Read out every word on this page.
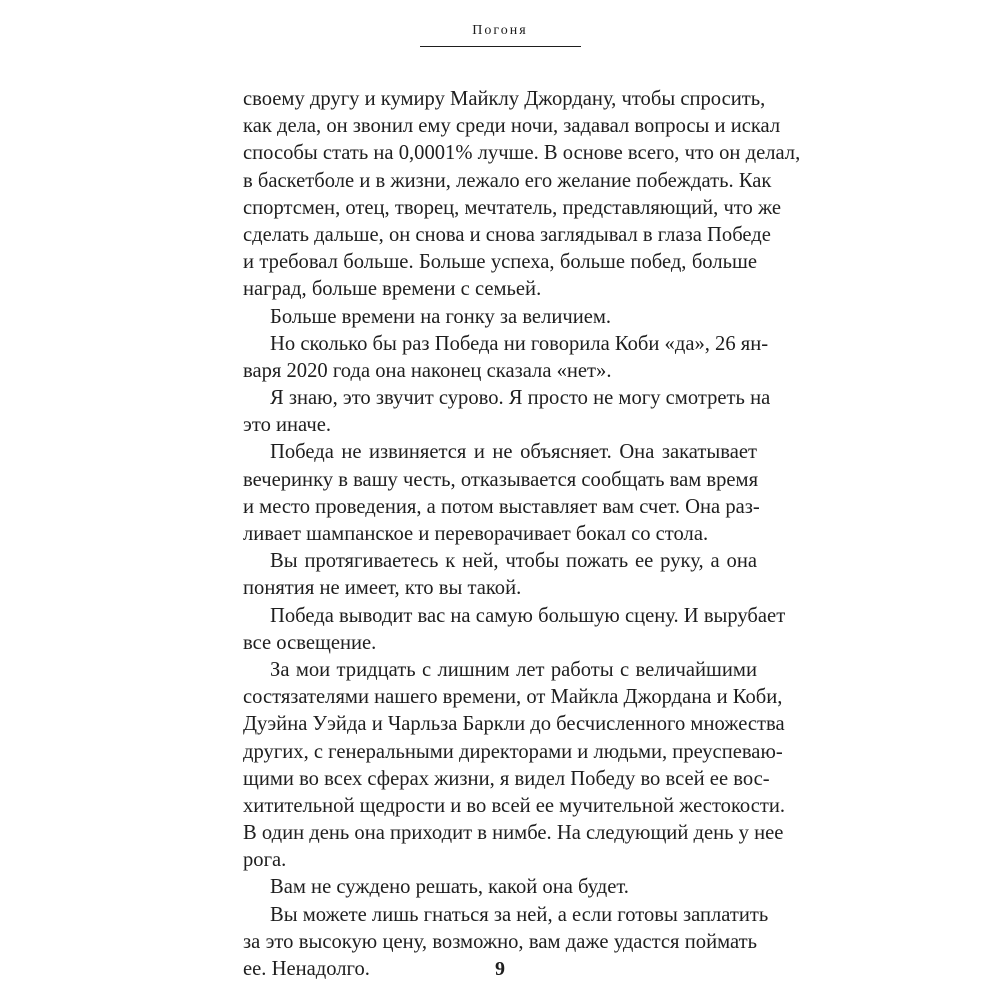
Погоня
своему другу и кумиру Майклу Джордану, чтобы спросить,
как дела, он звонил ему среди ночи, задавал вопросы и искал
способы стать на 0,0001% лучше. В основе всего, что он делал,
в баскетболе и в жизни, лежало его желание побеждать. Как
спортсмен, отец, творец, мечтатель, представляющий, что же
сделать дальше, он снова и снова заглядывал в глаза Победе
и требовал больше. Больше успеха, больше побед, больше
наград, больше времени с семьей.
Больше времени на гонку за величием.
Но сколько бы раз Победа ни говорила Коби «да», 26 ян-
варя 2020 года она наконец сказала «нет».
Я знаю, это звучит сурово. Я просто не могу смотреть на
это иначе.
Победа не извиняется и не объясняет. Она закатывает
вечеринку в вашу честь, отказывается сообщать вам время
и место проведения, а потом выставляет вам счет. Она раз-
ливает шампанское и переворачивает бокал со стола.
Вы протягиваетесь к ней, чтобы пожать ее руку, а она
понятия не имеет, кто вы такой.
Победа выводит вас на самую большую сцену. И вырубает
все освещение.
За мои тридцать с лишним лет работы с величайшими
состязателями нашего времени, от Майкла Джордана и Коби,
Дуэйна Уэйда и Чарльза Баркли до бесчисленного множества
других, с генеральными директорами и людьми, преуспеваю-
щими во всех сферах жизни, я видел Победу во всей ее вос-
хитительной щедрости и во всей ее мучительной жестокости.
В один день она приходит в нимбе. На следующий день у нее
рога.
Вам не суждено решать, какой она будет.
Вы можете лишь гнаться за ней, а если готовы заплатить
за это высокую цену, возможно, вам даже удастся поймать
ее. Ненадолго.	9
